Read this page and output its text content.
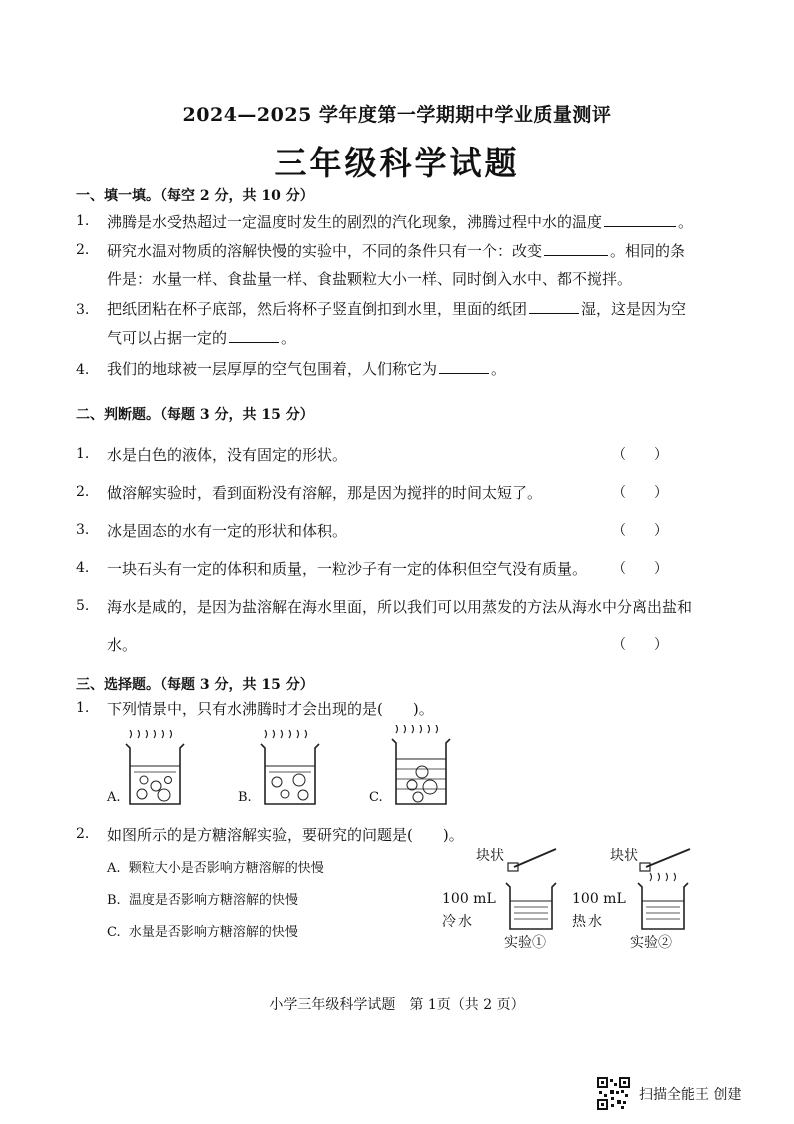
2024—2025 学年度第一学期期中学业质量测评
三年级科学试题
一、填一填。（每空 2 分，共 10 分）
1. 沸腾是水受热超过一定温度时发生的剧烈的汽化现象，沸腾过程中水的温度	。
2. 研究水温对物质的溶解快慢的实验中，不同的条件只有一个：改变	。相同的条
件是：水量一样、食盐量一样、食盐颗粒大小一样、同时倒入水中、都不搅拌。
3. 把纸团粘在杯子底部，然后将杯子竖直倒扣到水里，里面的纸团	湿，这是因为空
气可以占据一定的	。
4. 我们的地球被一层厚厚的空气包围着，人们称它为	。
二、判断题。（每题 3 分，共 15 分）
1. 水是白色的液体，没有固定的形状。	（　　）
2. 做溶解实验时，看到面粉没有溶解，那是因为搅拌的时间太短了。	（　　）
3. 冰是固态的水有一定的形状和体积。	（　　）
4. 一块石头有一定的体积和质量，一粒沙子有一定的体积但空气没有质量。 （　　）
5. 海水是咸的，是因为盐溶解在海水里面，所以我们可以用蒸发的方法从海水中分离出盐和
水。	（　　）
三、选择题。（每题 3 分，共 15 分）
1. 下列情景中，只有水沸腾时才会出现的是(　　)。
A.	B.	C.
2. 如图所示的是方糖溶解实验，要研究的问题是(　　)。
A. 颗粒大小是否影响方糖溶解的快慢
B. 温度是否影响方糖溶解的快慢
C. 水量是否影响方糖溶解的快慢
块状
100 mL
冷水
实验①
块状
100 mL
热水
实验②
小学三年级科学试题　第 1页（共 2 页）
扫描全能王 创建
